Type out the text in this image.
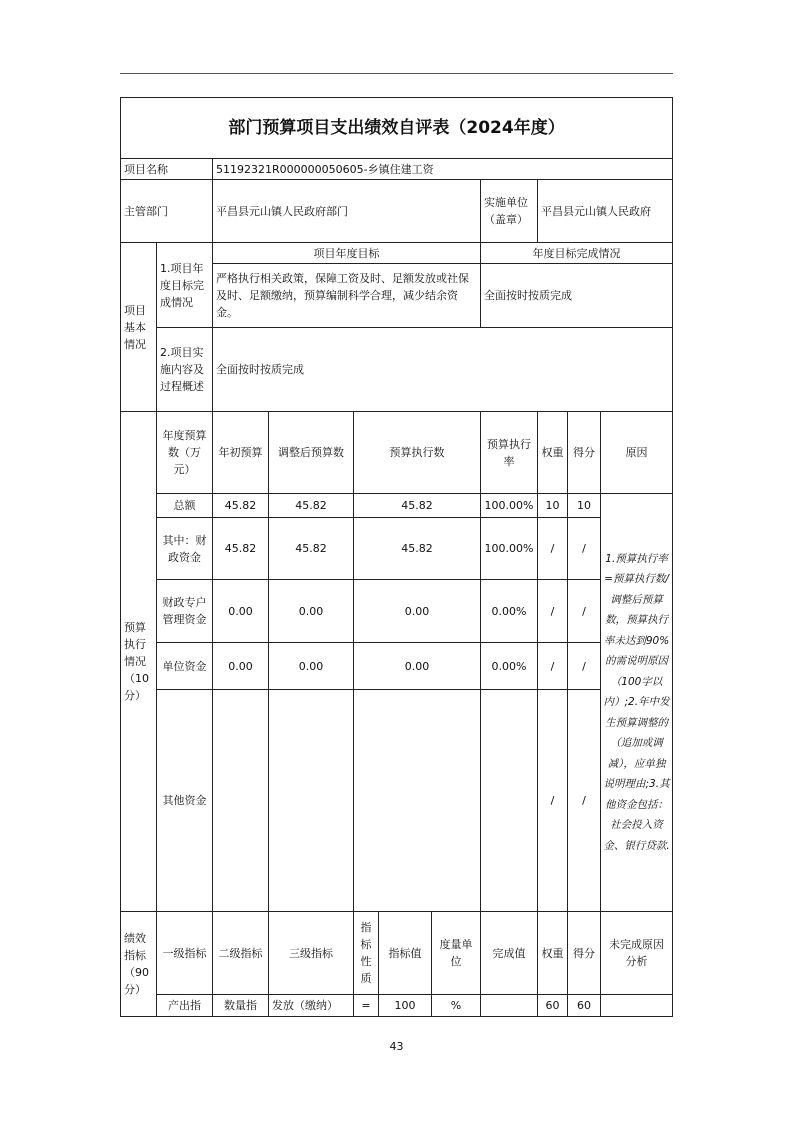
部门预算项目支出绩效自评表（2024年度）										
项目名称		51192321R000000050605-乡镇住建工资								
主管部门		平昌县元山镇人民政府部门					实施单位（盖章）	平昌县元山镇人民政府		
项目基本情况	1.项目年度目标完成情况	项目年度目标					年度目标完成情况			
		严格执行相关政策，保障工资及时、足额发放或社保及时、足额缴纳，预算编制科学合理，减少结余资金。					全面按时按质完成			
	2.项目实施内容及过程概述	全面按时按质完成								
预算执行情况（10分）	年度预算数（万元）	年初预算	调整后预算数	预算执行数			预算执行率	权重	得分	原因
	总额	45.82	45.82	45.82			100.00%	10	10	1.预算执行率=预算执行数/调整后预算数，预算执行率未达到90%的需说明原因（100字以内）;2.年中发生预算调整的（追加或调减），应单独说明理由;3.其他资金包括：社会投入资金、银行贷款.
	其中：财政资金	45.82	45.82	45.82			100.00%	/	/	
	财政专户管理资金	0.00	0.00	0.00			0.00%	/	/	
	单位资金	0.00	0.00	0.00			0.00%	/	/	
	其他资金							/	/	
绩效指标（90分）	一级指标	二级指标	三级指标	指标性质	指标值	度量单位	完成值	权重	得分	未完成原因分析
	产出指	数量指	发放（缴纳）	=	100	%		60	60	
43
